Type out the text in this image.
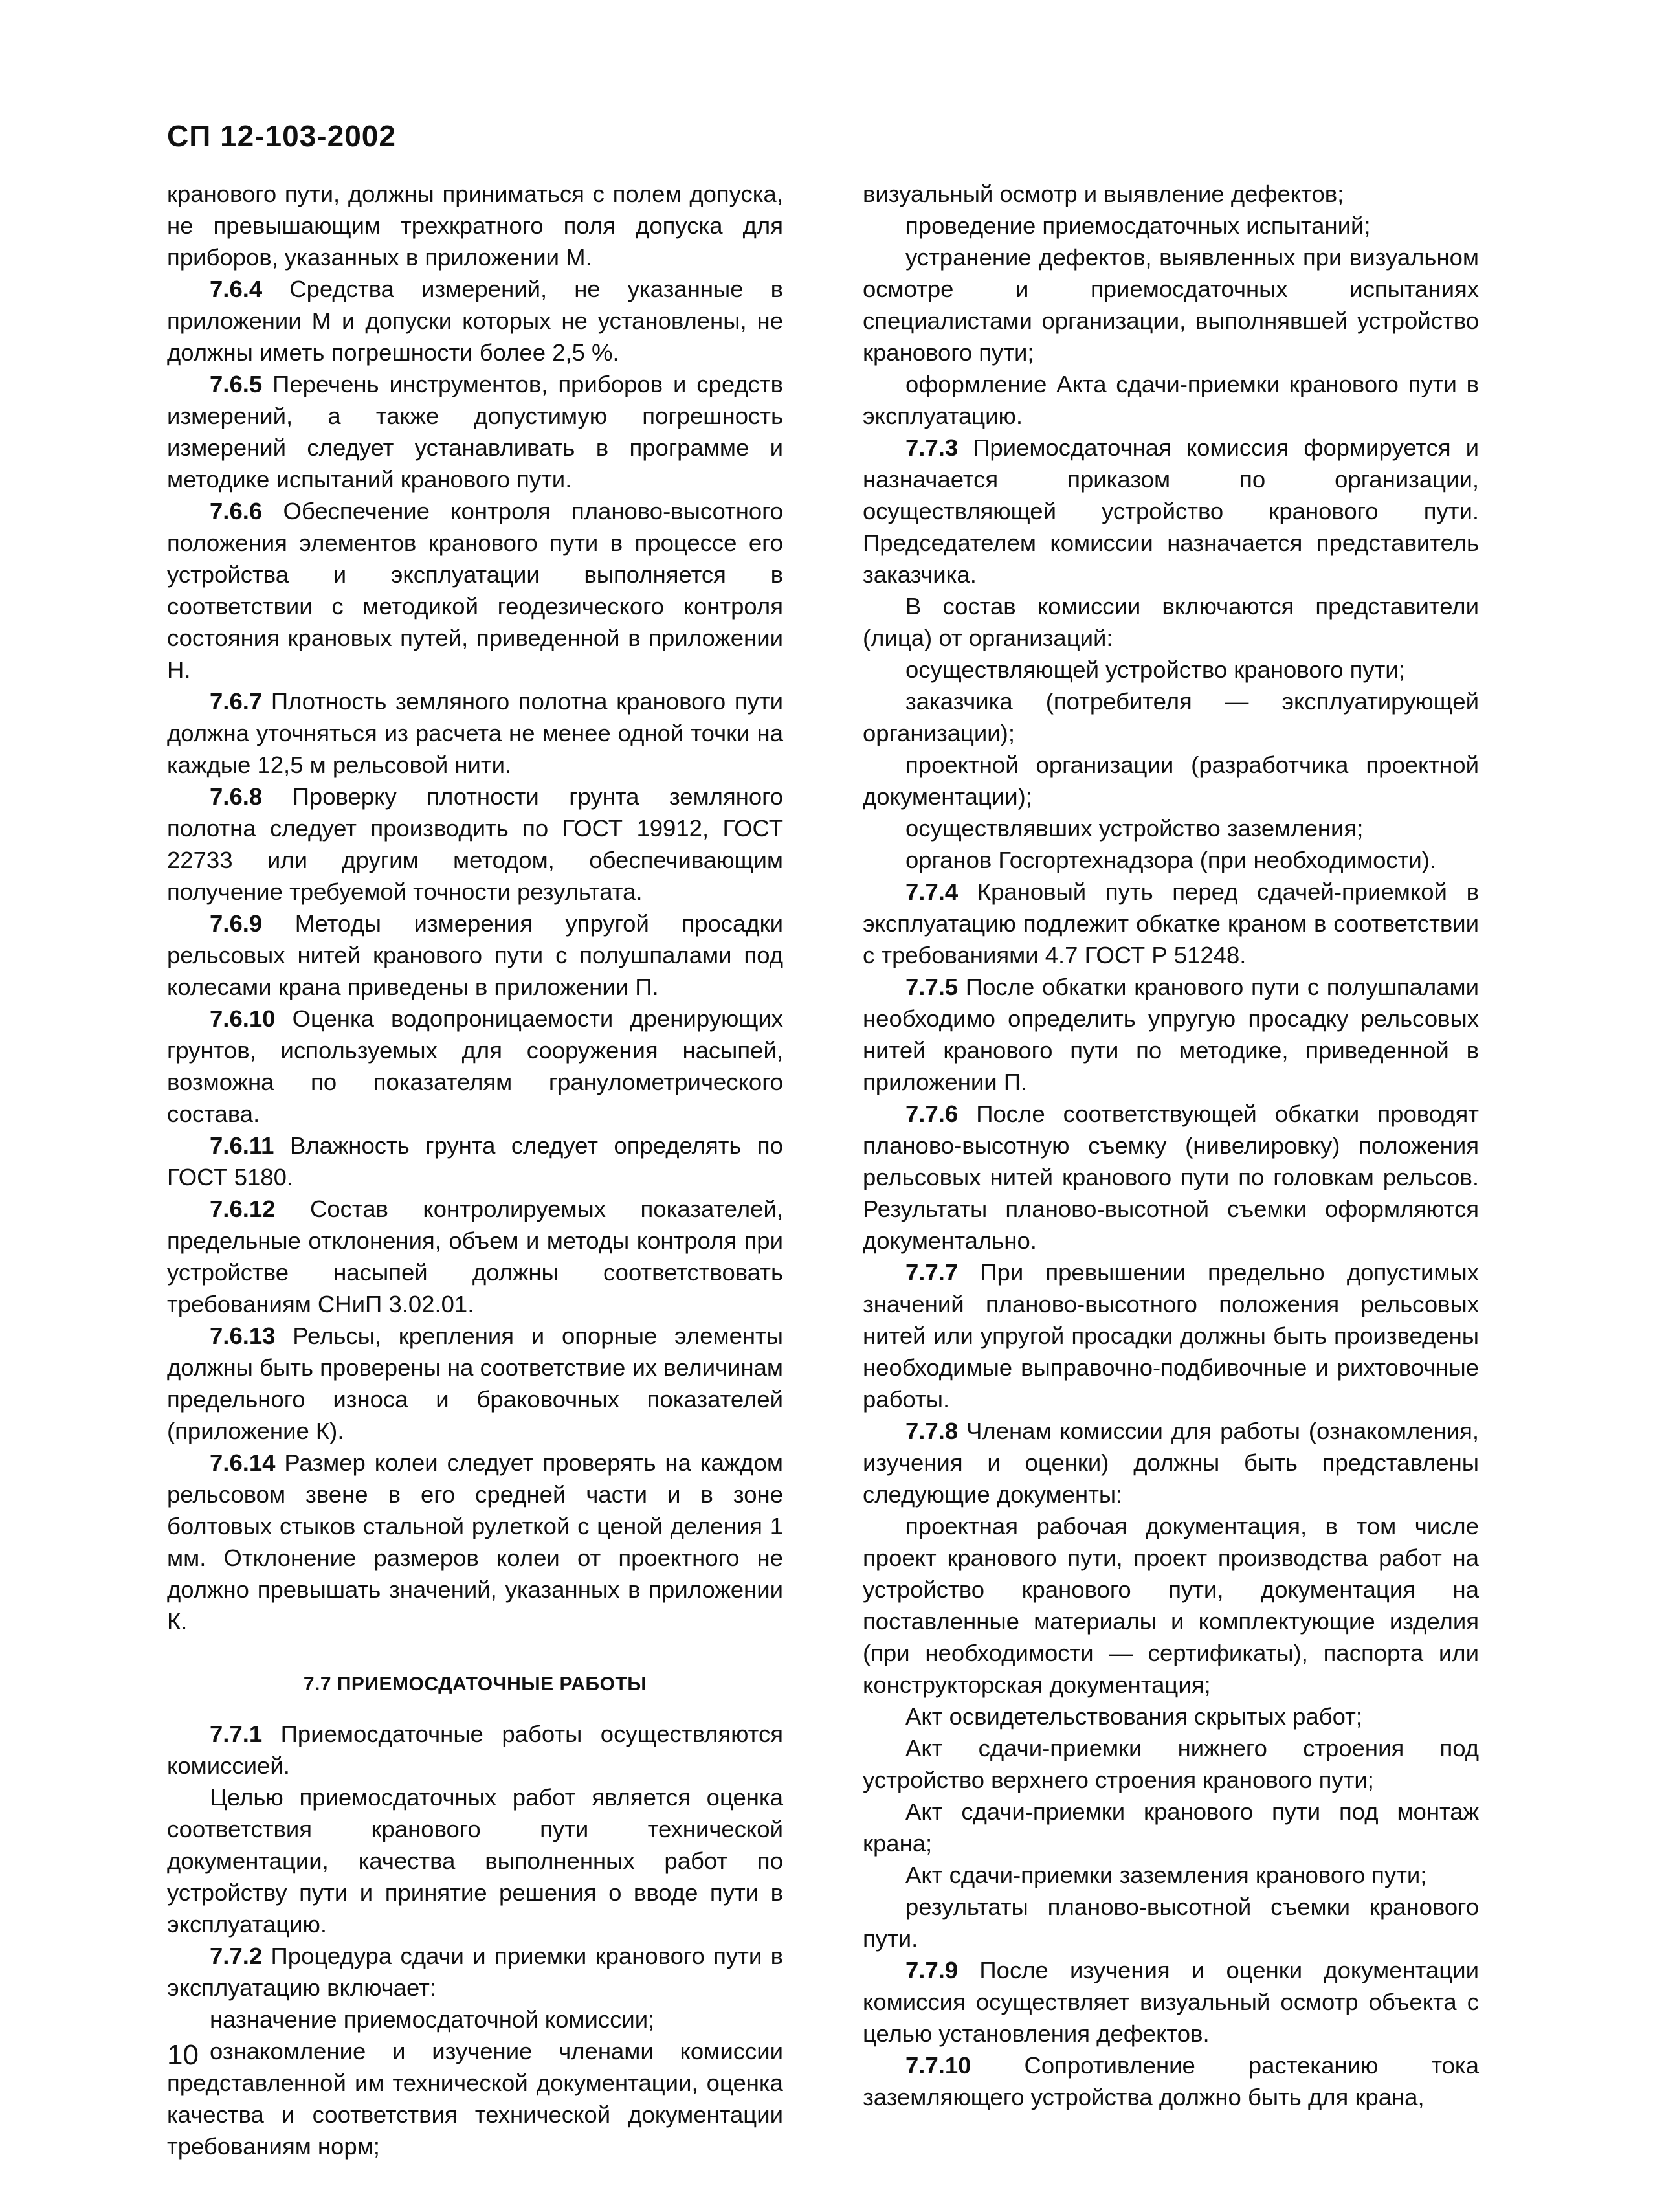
СП 12-103-2002

кранового пути, должны приниматься с полем допуска, не превышающим трехкратного поля допуска для приборов, указанных в приложении М.

7.6.4 Средства измерений, не указанные в приложении М и допуски которых не установлены, не должны иметь погрешности более 2,5 %.

7.6.5 Перечень инструментов, приборов и средств измерений, а также допустимую погрешность измерений следует устанавливать в программе и методике испытаний кранового пути.

7.6.6 Обеспечение контроля планово-высотного положения элементов кранового пути в процессе его устройства и эксплуатации выполняется в соответствии с методикой геодезического контроля состояния крановых путей, приведенной в приложении Н.

7.6.7 Плотность земляного полотна кранового пути должна уточняться из расчета не менее одной точки на каждые 12,5 м рельсовой нити.

7.6.8 Проверку плотности грунта земляного полотна следует производить по ГОСТ 19912, ГОСТ 22733 или другим методом, обеспечивающим получение требуемой точности результата.

7.6.9 Методы измерения упругой просадки рельсовых нитей кранового пути с полушпалами под колесами крана приведены в приложении П.

7.6.10 Оценка водопроницаемости дренирующих грунтов, используемых для сооружения насыпей, возможна по показателям гранулометрического состава.

7.6.11 Влажность грунта следует определять по ГОСТ 5180.

7.6.12 Состав контролируемых показателей, предельные отклонения, объем и методы контроля при устройстве насыпей должны соответствовать требованиям СНиП 3.02.01.

7.6.13 Рельсы, крепления и опорные элементы должны быть проверены на соответствие их величинам предельного износа и браковочных показателей (приложение К).

7.6.14 Размер колеи следует проверять на каждом рельсовом звене в его средней части и в зоне болтовых стыков стальной рулеткой с ценой деления 1 мм. Отклонение размеров колеи от проектного не должно превышать значений, указанных в приложении К.

7.7 ПРИЕМОСДАТОЧНЫЕ РАБОТЫ

7.7.1 Приемосдаточные работы осуществляются комиссией.

Целью приемосдаточных работ является оценка соответствия кранового пути технической документации, качества выполненных работ по устройству пути и принятие решения о вводе пути в эксплуатацию.

7.7.2 Процедура сдачи и приемки кранового пути в эксплуатацию включает:

назначение приемосдаточной комиссии;

ознакомление и изучение членами комиссии представленной им технической документации, оценка качества и соответствия технической документации требованиям норм;

визуальный осмотр и выявление дефектов;

проведение приемосдаточных испытаний;

устранение дефектов, выявленных при визуальном осмотре и приемосдаточных испытаниях специалистами организации, выполнявшей устройство кранового пути;

оформление Акта сдачи-приемки кранового пути в эксплуатацию.

7.7.3 Приемосдаточная комиссия формируется и назначается приказом по организации, осуществляющей устройство кранового пути. Председателем комиссии назначается представитель заказчика.

В состав комиссии включаются представители (лица) от организаций:

осуществляющей устройство кранового пути;

заказчика (потребителя — эксплуатирующей организации);

проектной организации (разработчика проектной документации);

осуществлявших устройство заземления;

органов Госгортехнадзора (при необходимости).

7.7.4 Крановый путь перед сдачей-приемкой в эксплуатацию подлежит обкатке краном в соответствии с требованиями 4.7 ГОСТ Р 51248.

7.7.5 После обкатки кранового пути с полушпалами необходимо определить упругую просадку рельсовых нитей кранового пути по методике, приведенной в приложении П.

7.7.6 После соответствующей обкатки проводят планово-высотную съемку (нивелировку) положения рельсовых нитей кранового пути по головкам рельсов. Результаты планово-высотной съемки оформляются документально.

7.7.7 При превышении предельно допустимых значений планово-высотного положения рельсовых нитей или упругой просадки должны быть произведены необходимые выправочно-подбивочные и рихтовочные работы.

7.7.8 Членам комиссии для работы (ознакомления, изучения и оценки) должны быть представлены следующие документы:

проектная рабочая документация, в том числе проект кранового пути, проект производства работ на устройство кранового пути, документация на поставленные материалы и комплектующие изделия (при необходимости — сертификаты), паспорта или конструкторская документация;

Акт освидетельствования скрытых работ;

Акт сдачи-приемки нижнего строения под устройство верхнего строения кранового пути;

Акт сдачи-приемки кранового пути под монтаж крана;

Акт сдачи-приемки заземления кранового пути;

результаты планово-высотной съемки кранового пути.

7.7.9 После изучения и оценки документации комиссия осуществляет визуальный осмотр объекта с целью установления дефектов.

7.7.10 Сопротивление растеканию тока заземляющего устройства должно быть для крана,

10
